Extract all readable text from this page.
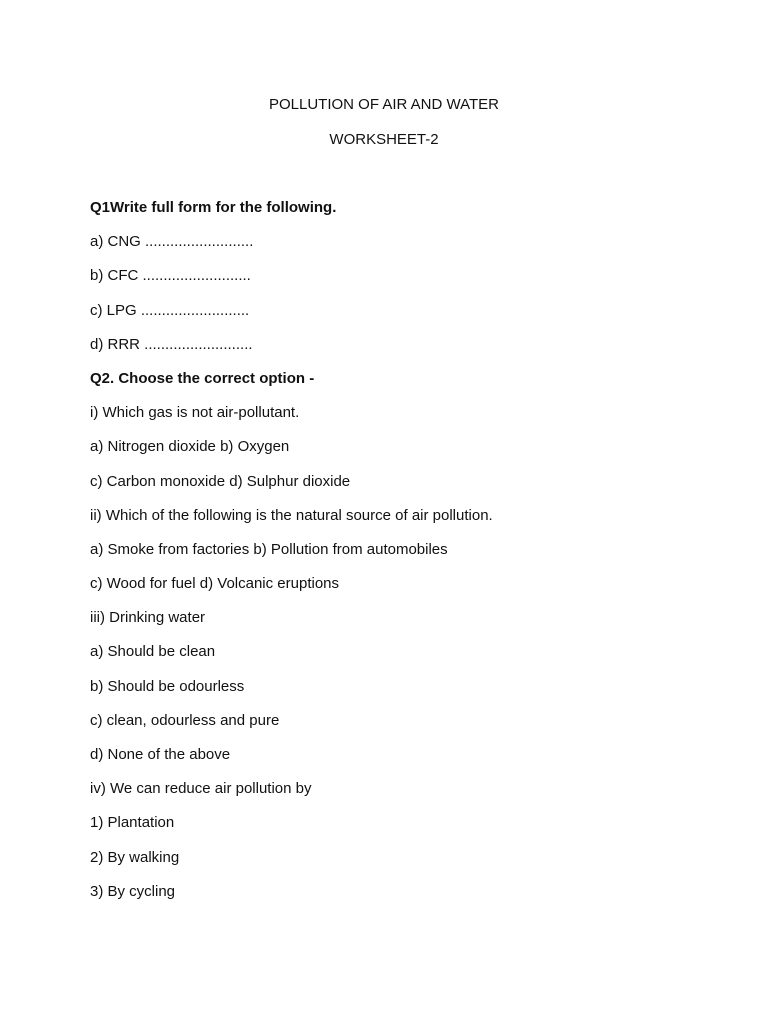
POLLUTION OF AIR AND WATER
WORKSHEET-2
Q1Write full form for the following.
a) CNG ..........................
b) CFC ..........................
c) LPG ..........................
d) RRR ..........................
Q2. Choose the correct option -
i) Which gas is not air-pollutant.
a) Nitrogen dioxide b) Oxygen
c) Carbon monoxide d) Sulphur dioxide
ii) Which of the following is the natural source of air pollution.
a) Smoke from factories b) Pollution from automobiles
c) Wood for fuel d) Volcanic eruptions
iii) Drinking water
a) Should be clean
b) Should be odourless
c) clean, odourless and pure
d) None of the above
iv) We can reduce air pollution by
1) Plantation
2) By walking
3) By cycling
